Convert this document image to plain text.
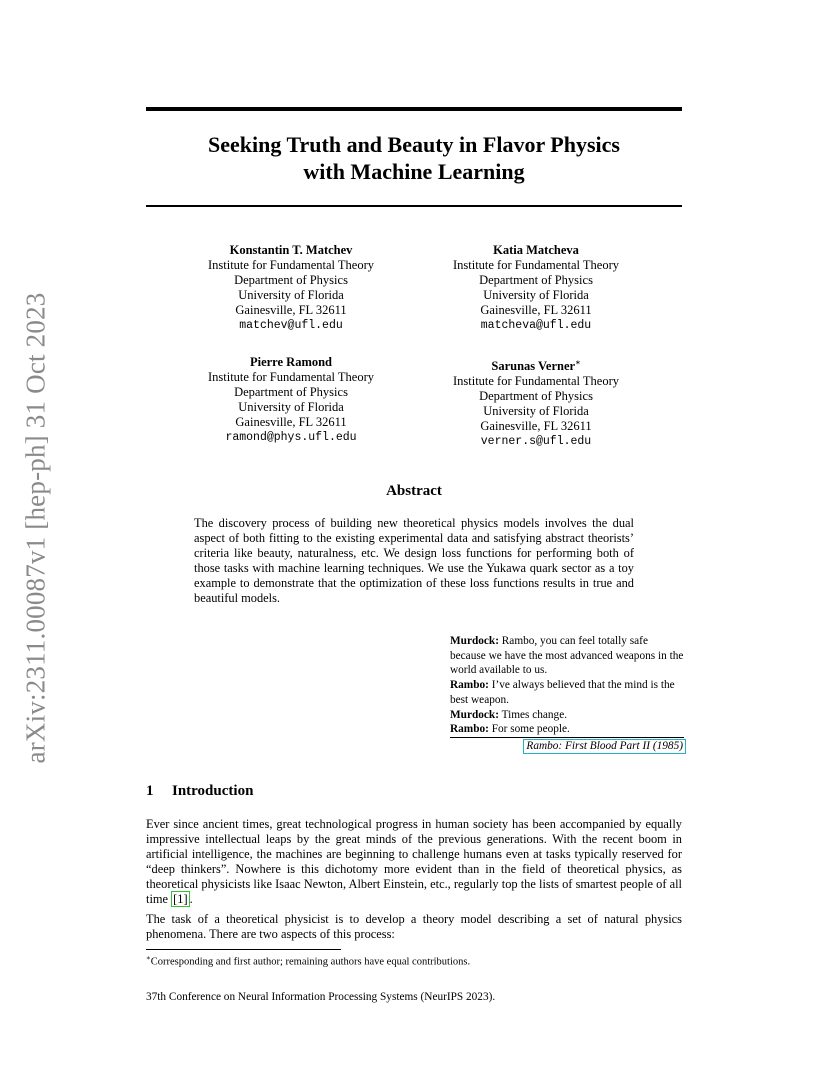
arXiv:2311.00087v1 [hep-ph] 31 Oct 2023
Seeking Truth and Beauty in Flavor Physics
with Machine Learning
Konstantin T. Matchev
Institute for Fundamental Theory
Department of Physics
University of Florida
Gainesville, FL 32611
matchev@ufl.edu
Katia Matcheva
Institute for Fundamental Theory
Department of Physics
University of Florida
Gainesville, FL 32611
matcheva@ufl.edu
Pierre Ramond
Institute for Fundamental Theory
Department of Physics
University of Florida
Gainesville, FL 32611
ramond@phys.ufl.edu
Sarunas Verner∗
Institute for Fundamental Theory
Department of Physics
University of Florida
Gainesville, FL 32611
verner.s@ufl.edu
Abstract
The discovery process of building new theoretical physics models involves the dual aspect of both fitting to the existing experimental data and satisfying abstract theorists’ criteria like beauty, naturalness, etc. We design loss functions for performing both of those tasks with machine learning techniques. We use the Yukawa quark sector as a toy example to demonstrate that the optimization of these loss functions results in true and beautiful models.
Murdock: Rambo, you can feel totally safe because we have the most advanced weapons in the world available to us.
Rambo: I’ve always believed that the mind is the best weapon.
Murdock: Times change.
Rambo: For some people.
Rambo: First Blood Part II (1985)
1 Introduction
Ever since ancient times, great technological progress in human society has been accompanied by equally impressive intellectual leaps by the great minds of the previous generations. With the recent boom in artificial intelligence, the machines are beginning to challenge humans even at tasks typically reserved for “deep thinkers”. Nowhere is this dichotomy more evident than in the field of theoretical physics, as theoretical physicists like Isaac Newton, Albert Einstein, etc., regularly top the lists of smartest people of all time [1] .
The task of a theoretical physicist is to develop a theory model describing a set of natural physics phenomena. There are two aspects of this process:
∗Corresponding and first author; remaining authors have equal contributions.
37th Conference on Neural Information Processing Systems (NeurIPS 2023).
